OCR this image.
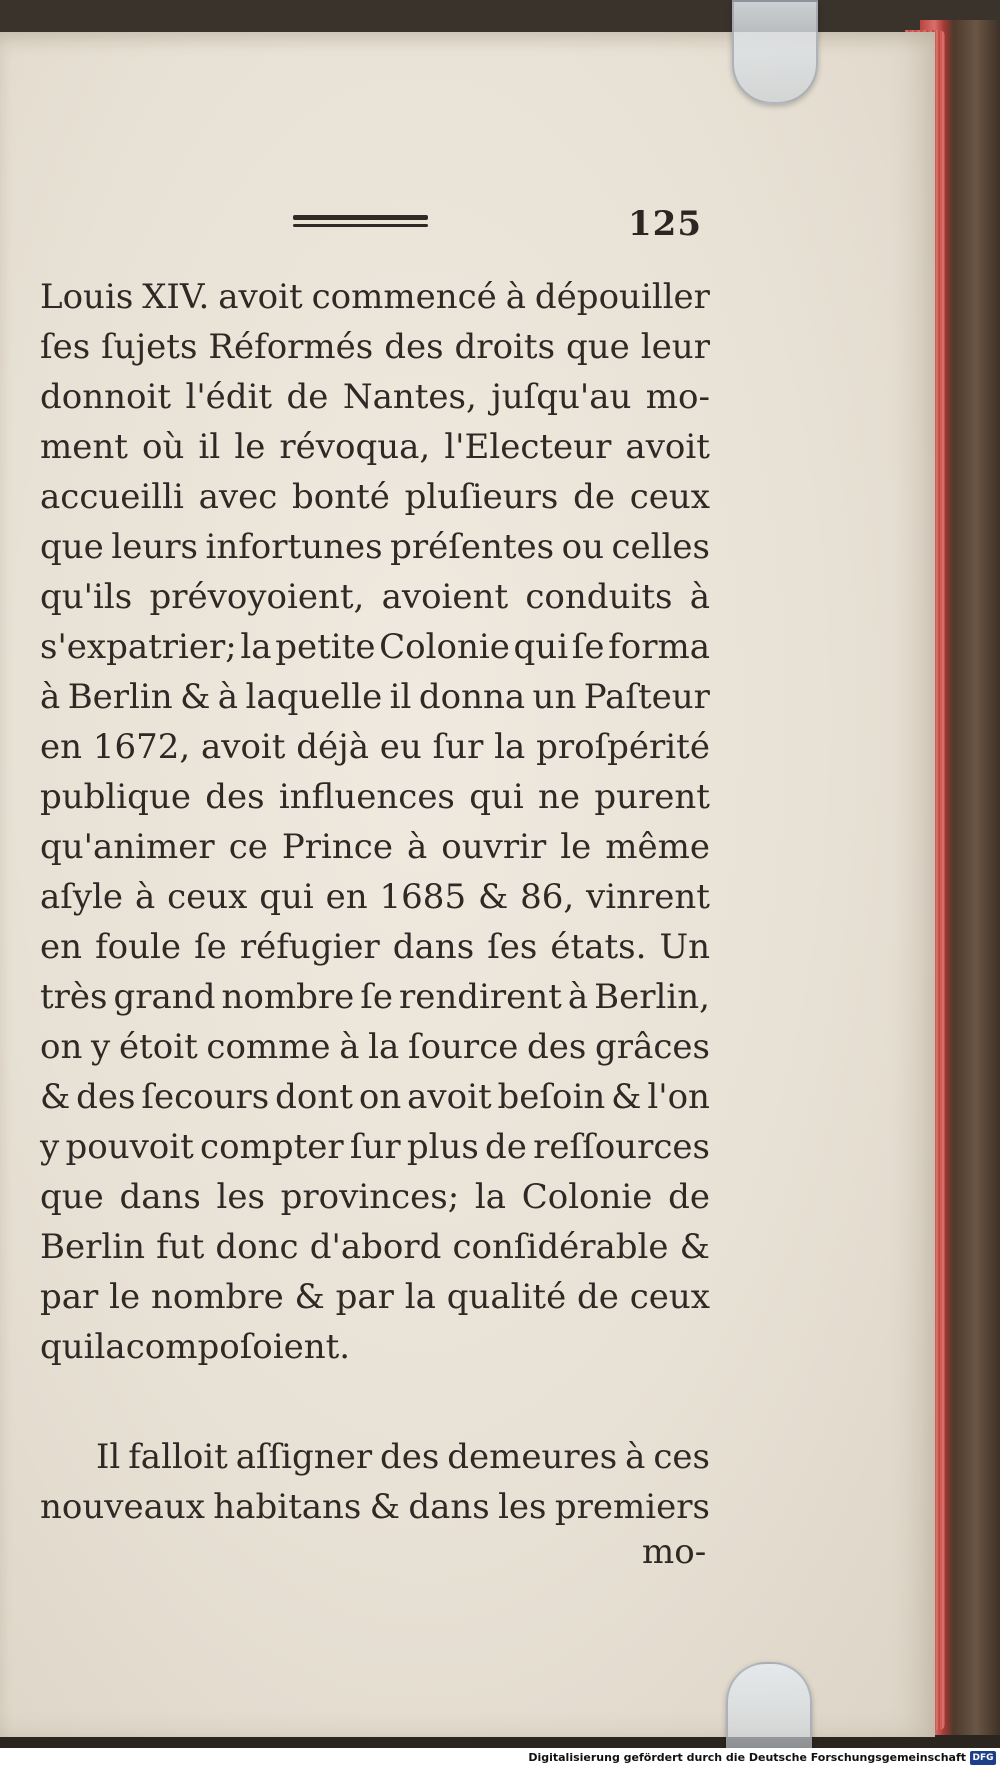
125
Louis XIV. avoit commencé à dépouiller
ſes ſujets Réformés des droits que leur
donnoit l'édit de Nantes, juſqu'au mo-
ment où il le révoqua, l'Electeur avoit
accueilli avec bonté pluſieurs de ceux
que leurs infortunes préſentes ou celles
qu'ils prévoyoient, avoient conduits à
s'expatrier; la petite Colonie qui ſe forma
à Berlin & à laquelle il donna un Paſteur
en 1672, avoit déjà eu ſur la proſpérité
publique des influences qui ne purent
qu'animer ce Prince à ouvrir le même
aſyle à ceux qui en 1685 & 86, vinrent
en foule ſe réfugier dans ſes états. Un
très grand nombre ſe rendirent à Berlin,
on y étoit comme à la ſource des grâces
& des ſecours dont on avoit beſoin & l'on
y pouvoit compter ſur plus de reſſources
que dans les provinces; la Colonie de
Berlin fut donc d'abord conſidérable &
par le nombre & par la qualité de ceux
qui la compoſoient.
Il falloit aſſigner des demeures à ces
nouveaux habitans & dans les premiers
mo-
Digitalisierung gefördert durch die Deutsche Forschungsgemeinschaft DFG
